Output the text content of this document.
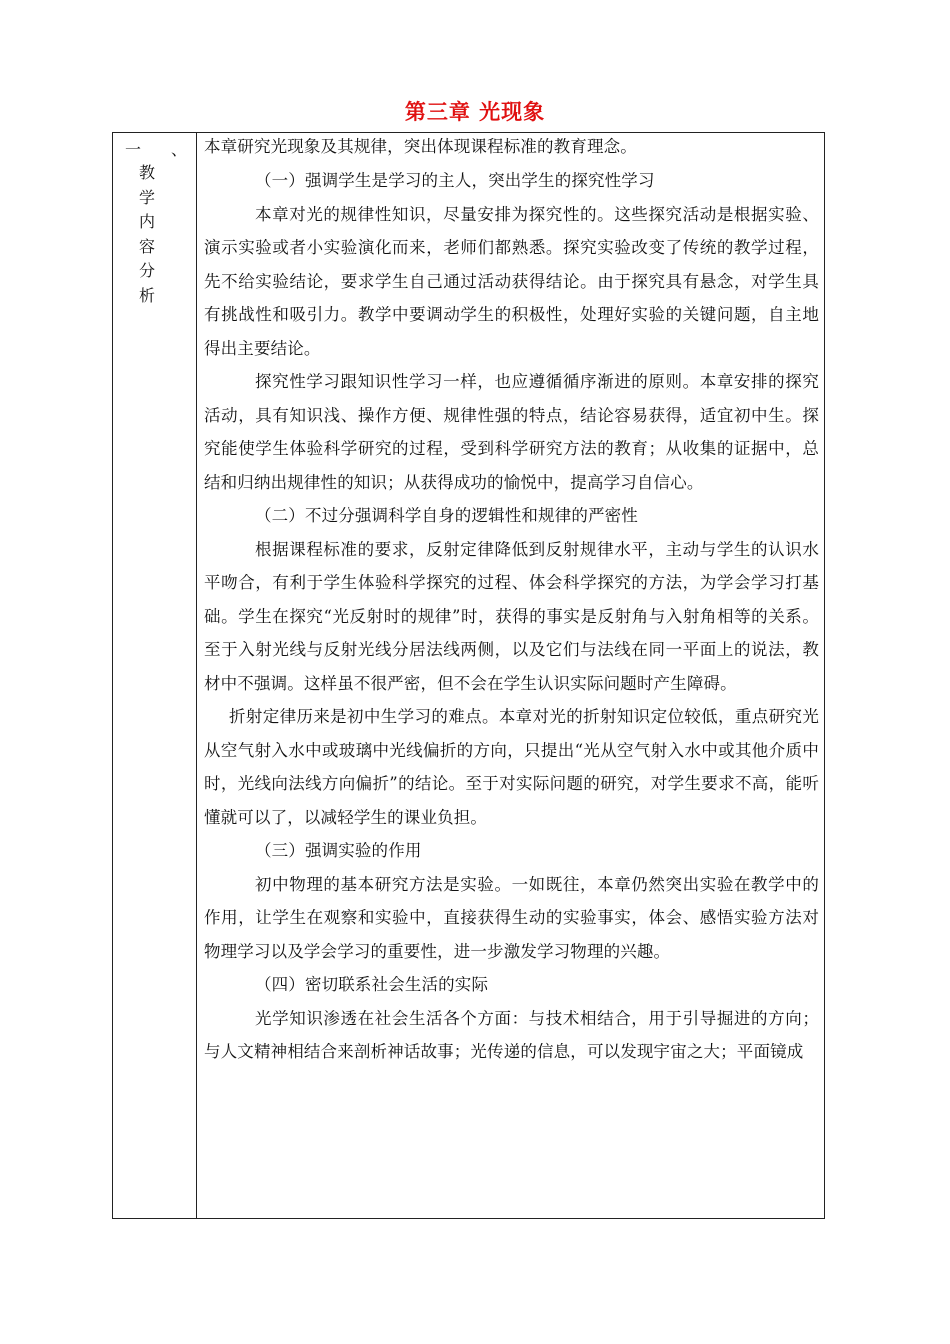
第三章 光现象
一 、
教
学
内
容
分
析

本章研究光现象及其规律，突出体现课程标准的教育理念。

（一）强调学生是学习的主人，突出学生的探究性学习

本章对光的规律性知识，尽量安排为探究性的。这些探究活动是根据实验、演示实验或者小实验演化而来，老师们都熟悉。探究实验改变了传统的教学过程，先不给实验结论，要求学生自己通过活动获得结论。由于探究具有悬念，对学生具有挑战性和吸引力。教学中要调动学生的积极性，处理好实验的关键问题，自主地得出主要结论。

探究性学习跟知识性学习一样，也应遵循循序渐进的原则。本章安排的探究活动，具有知识浅、操作方便、规律性强的特点，结论容易获得，适宜初中生。探究能使学生体验科学研究的过程，受到科学研究方法的教育；从收集的证据中，总结和归纳出规律性的知识；从获得成功的愉悦中，提高学习自信心。

（二）不过分强调科学自身的逻辑性和规律的严密性

根据课程标准的要求，反射定律降低到反射规律水平，主动与学生的认识水平吻合，有利于学生体验科学探究的过程、体会科学探究的方法，为学会学习打基础。学生在探究“光反射时的规律”时，获得的事实是反射角与入射角相等的关系。至于入射光线与反射光线分居法线两侧，以及它们与法线在同一平面上的说法，教材中不强调。这样虽不很严密，但不会在学生认识实际问题时产生障碍。

折射定律历来是初中生学习的难点。本章对光的折射知识定位较低，重点研究光从空气射入水中或玻璃中光线偏折的方向，只提出“光从空气射入水中或其他介质中时，光线向法线方向偏折”的结论。至于对实际问题的研究，对学生要求不高，能听懂就可以了，以减轻学生的课业负担。

（三）强调实验的作用

初中物理的基本研究方法是实验。一如既往，本章仍然突出实验在教学中的作用，让学生在观察和实验中，直接获得生动的实验事实，体会、感悟实验方法对物理学习以及学会学习的重要性，进一步激发学习物理的兴趣。

（四）密切联系社会生活的实际

光学知识渗透在社会生活各个方面：与技术相结合，用于引导掘进的方向；与人文精神相结合来剖析神话故事；光传递的信息，可以发现宇宙之大；平面镜成
